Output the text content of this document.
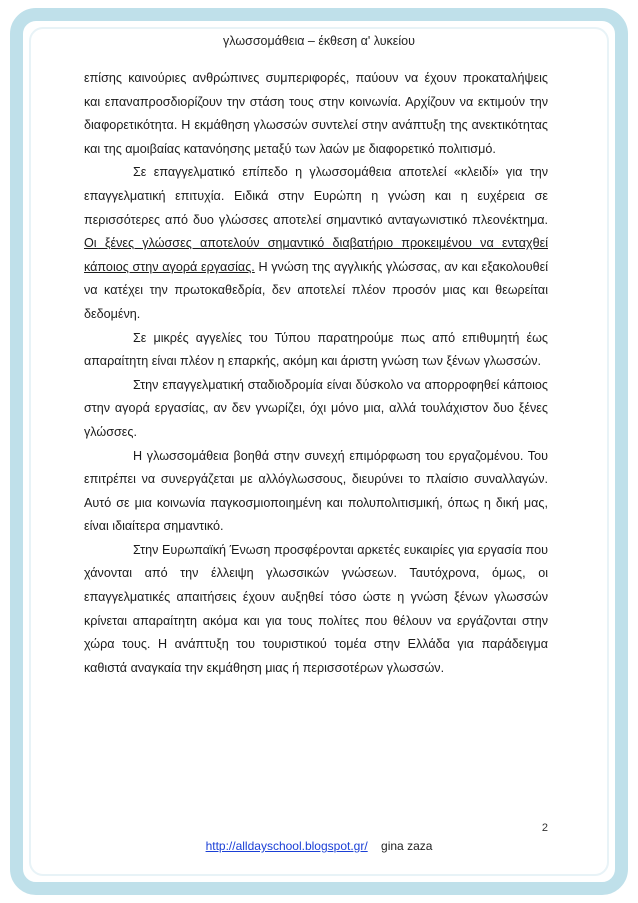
γλωσσομάθεια – έκθεση α' λυκείου

επίσης καινούριες ανθρώπινες συμπεριφορές, παύουν να έχουν προκαταλήψεις και επαναπροσδιορίζουν την στάση τους στην κοινωνία. Αρχίζουν να εκτιμούν την διαφορετικότητα. Η εκμάθηση γλωσσών συντελεί στην ανάπτυξη της ανεκτικότητας και της αμοιβαίας κατανόησης μεταξύ των λαών με διαφορετικό πολιτισμό.

Σε επαγγελματικό επίπεδο η γλωσσομάθεια αποτελεί «κλειδί» για την επαγγελματική επιτυχία. Ειδικά στην Ευρώπη η γνώση και η ευχέρεια σε περισσότερες από δυο γλώσσες αποτελεί σημαντικό ανταγωνιστικό πλεονέκτημα. Οι ξένες γλώσσες αποτελούν σημαντικό διαβατήριο προκειμένου να ενταχθεί κάποιος στην αγορά εργασίας. Η γνώση της αγγλικής γλώσσας, αν και εξακολουθεί να κατέχει την πρωτοκαθεδρία, δεν αποτελεί πλέον προσόν μιας και θεωρείται δεδομένη.

Σε μικρές αγγελίες του Τύπου παρατηρούμε πως από επιθυμητή έως απαραίτητη είναι πλέον η επαρκής, ακόμη και άριστη γνώση των ξένων γλωσσών.

Στην επαγγελματική σταδιοδρομία είναι δύσκολο να απορροφηθεί κάποιος στην αγορά εργασίας, αν δεν γνωρίζει, όχι μόνο μια, αλλά τουλάχιστον δυο ξένες γλώσσες.

Η γλωσσομάθεια βοηθά στην συνεχή επιμόρφωση του εργαζομένου. Του επιτρέπει να συνεργάζεται με αλλόγλωσσους, διευρύνει το πλαίσιο συναλλαγών. Αυτό σε μια κοινωνία παγκοσμιοποιημένη και πολυπολιτισμική, όπως η δική μας, είναι ιδιαίτερα σημαντικό.

Στην Ευρωπαϊκή Ένωση προσφέρονται αρκετές ευκαιρίες για εργασία που χάνονται από την έλλειψη γλωσσικών γνώσεων. Ταυτόχρονα, όμως, οι επαγγελματικές απαιτήσεις έχουν αυξηθεί τόσο ώστε η γνώση ξένων γλωσσών κρίνεται απαραίτητη ακόμα και για τους πολίτες που θέλουν να εργάζονται στην χώρα τους. Η ανάπτυξη του τουριστικού τομέα στην Ελλάδα για παράδειγμα καθιστά αναγκαία την εκμάθηση μιας ή περισσοτέρων γλωσσών.

2
http://alldayschool.blogspot.gr/ gina zaza
